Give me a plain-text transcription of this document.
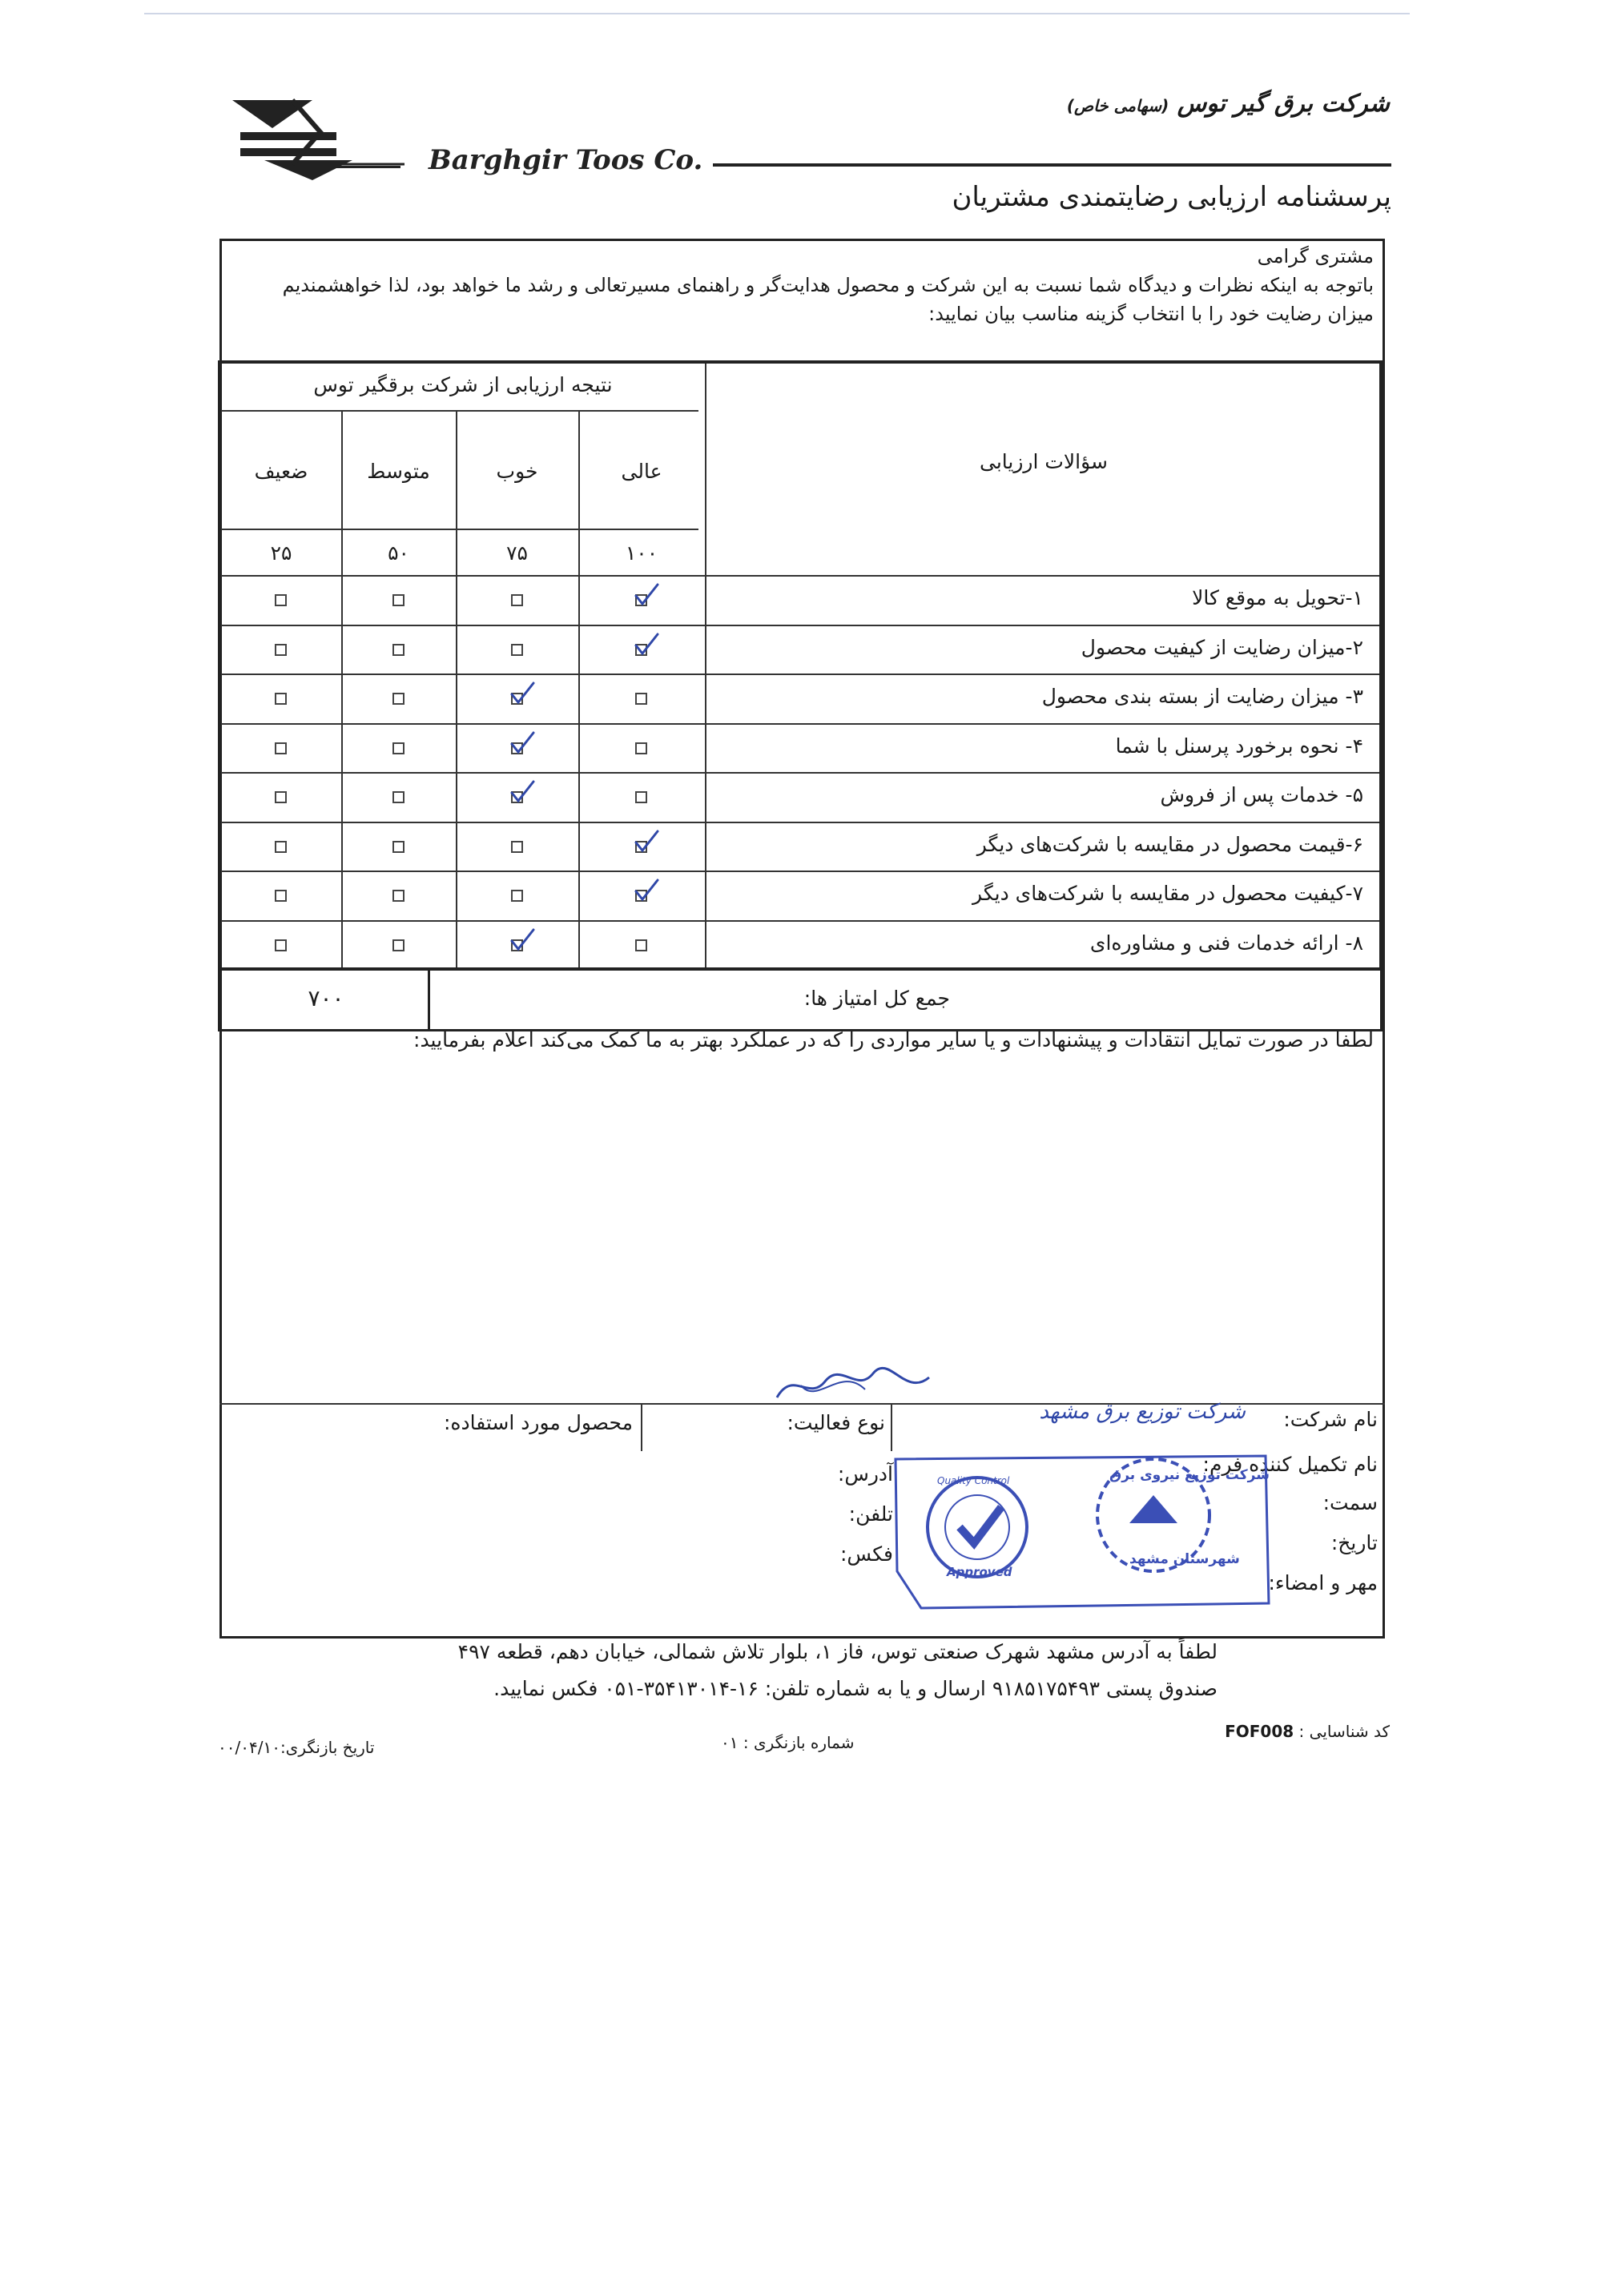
شرکت برق گیر توس (سهامی خاص)
Barghgir Toos Co.
پرسشنامه ارزیابی رضایتمندی مشتریان
مشتری گرامی
باتوجه به اینکه نظرات و دیدگاه شما نسبت به این شرکت و محصول هدایت‌گر و راهنمای مسیرتعالی و رشد ما خواهد بود، لذا خواهشمندیم میزان رضایت خود را با انتخاب گزینه مناسب بیان نمایید:
نتیجه ارزیابی از شرکت برقگیر توس
سؤالات ارزیابی
عالی
خوب
متوسط
ضعیف
۱۰۰
۷۵
۵۰
۲۵
۱-تحویل به موقع کالا
۲-میزان رضایت از کیفیت محصول
۳- میزان رضایت از بسته بندی محصول
۴- نحوه برخورد پرسنل با شما
۵- خدمات پس از فروش
۶-قیمت محصول در مقایسه با شرکت‌های دیگر
۷-کیفیت محصول در مقایسه با شرکت‌های دیگر
۸- ارائه خدمات فنی و مشاوره‌ای
جمع کل امتیاز ها:
۷۰۰
لطفا در صورت تمایل انتقادات و پیشنهادات و یا سایر مواردی را که در عملکرد بهتر به ما کمک می‌کند اعلام بفرمایید:
نام شرکت:
شرکت توزیع برق مشهد
نوع فعالیت:
محصول مورد استفاده:
نام تکمیل کننده فرم:
سمت:
تاریخ:
مهر و امضاء:
آدرس:
تلفن:
فکس:
شرکت توزیع نیروی برق
شهرستان مشهد
Quality Control
Approved
لطفاً به آدرس مشهد شهرک صنعتی توس، فاز ۱، بلوار تلاش شمالی، خیابان دهم، قطعه ۴۹۷
صندوق پستی ۹۱۸۵۱۷۵۴۹۳ ارسال و یا به شماره تلفن: ۱۶-۳۵۴۱۳۰۱۴-۰۵۱ فکس نمایید.
کد شناسایی : FOF008
شماره بازنگری : ۰۱
تاریخ بازنگری:۰۰/۰۴/۱۰
